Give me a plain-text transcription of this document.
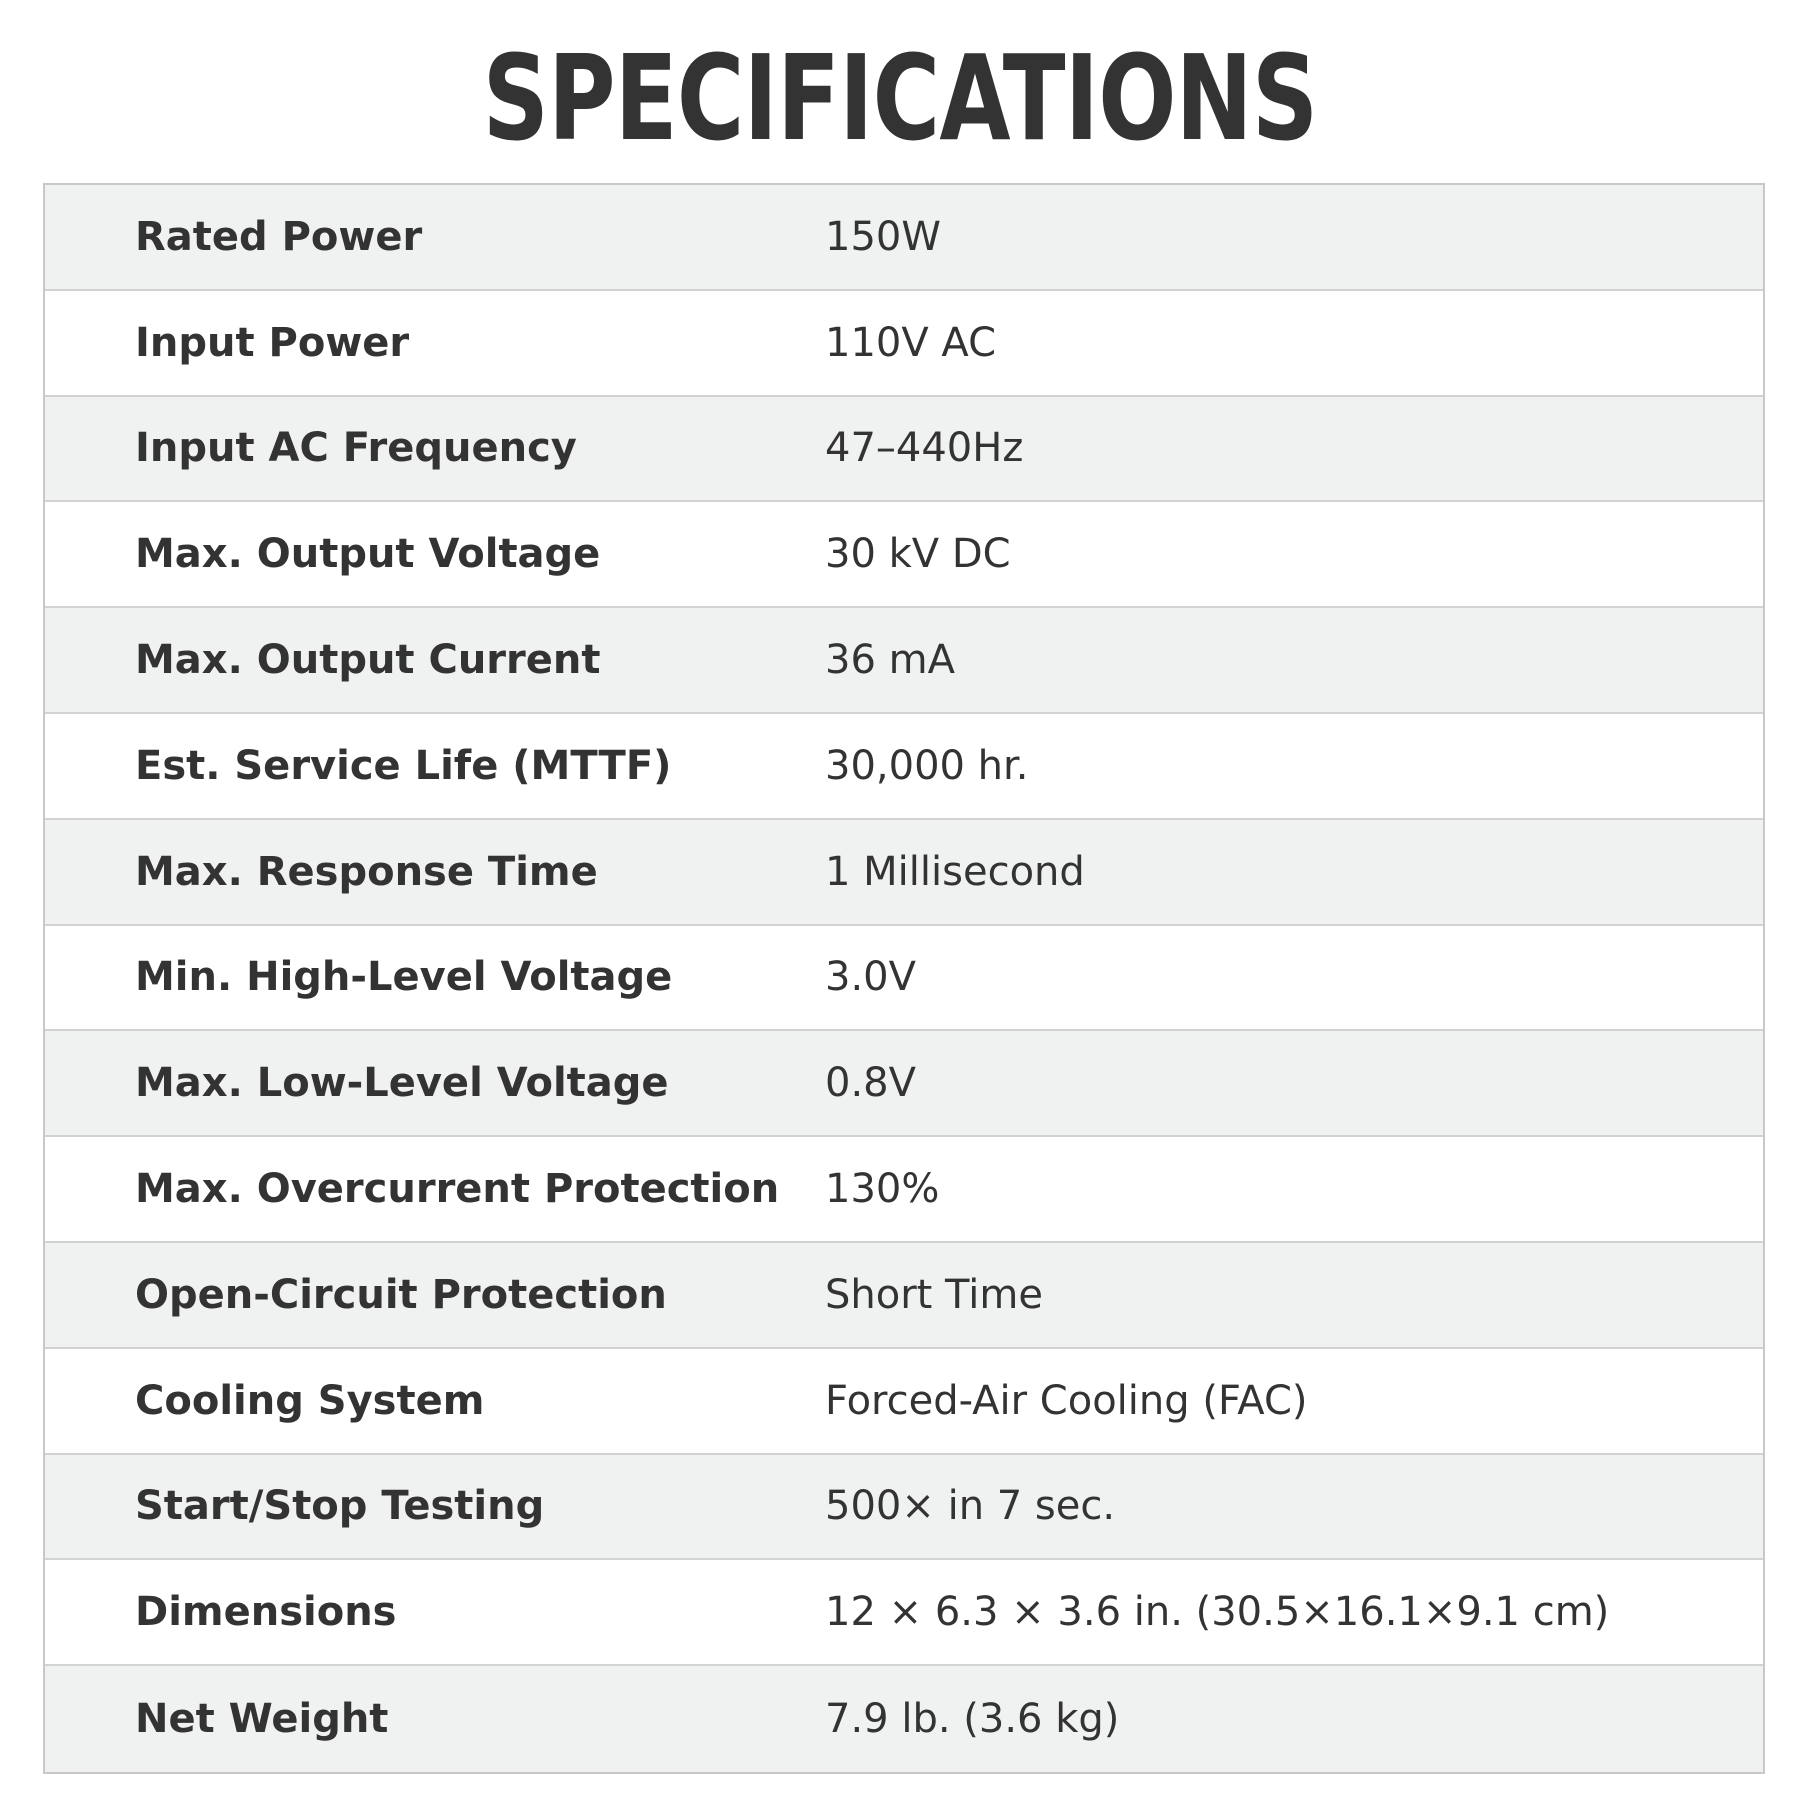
SPECIFICATIONS
Rated Power	150W
Input Power	110V AC
Input AC Frequency	47–440Hz
Max. Output Voltage	30 kV DC
Max. Output Current	36 mA
Est. Service Life (MTTF)	30,000 hr.
Max. Response Time	1 Millisecond
Min. High-Level Voltage	3.0V
Max. Low-Level Voltage	0.8V
Max. Overcurrent Protection	130%
Open-Circuit Protection	Short Time
Cooling System	Forced-Air Cooling (FAC)
Start/Stop Testing	500× in 7 sec.
Dimensions	12 × 6.3 × 3.6 in. (30.5×16.1×9.1 cm)
Net Weight	7.9 lb. (3.6 kg)
